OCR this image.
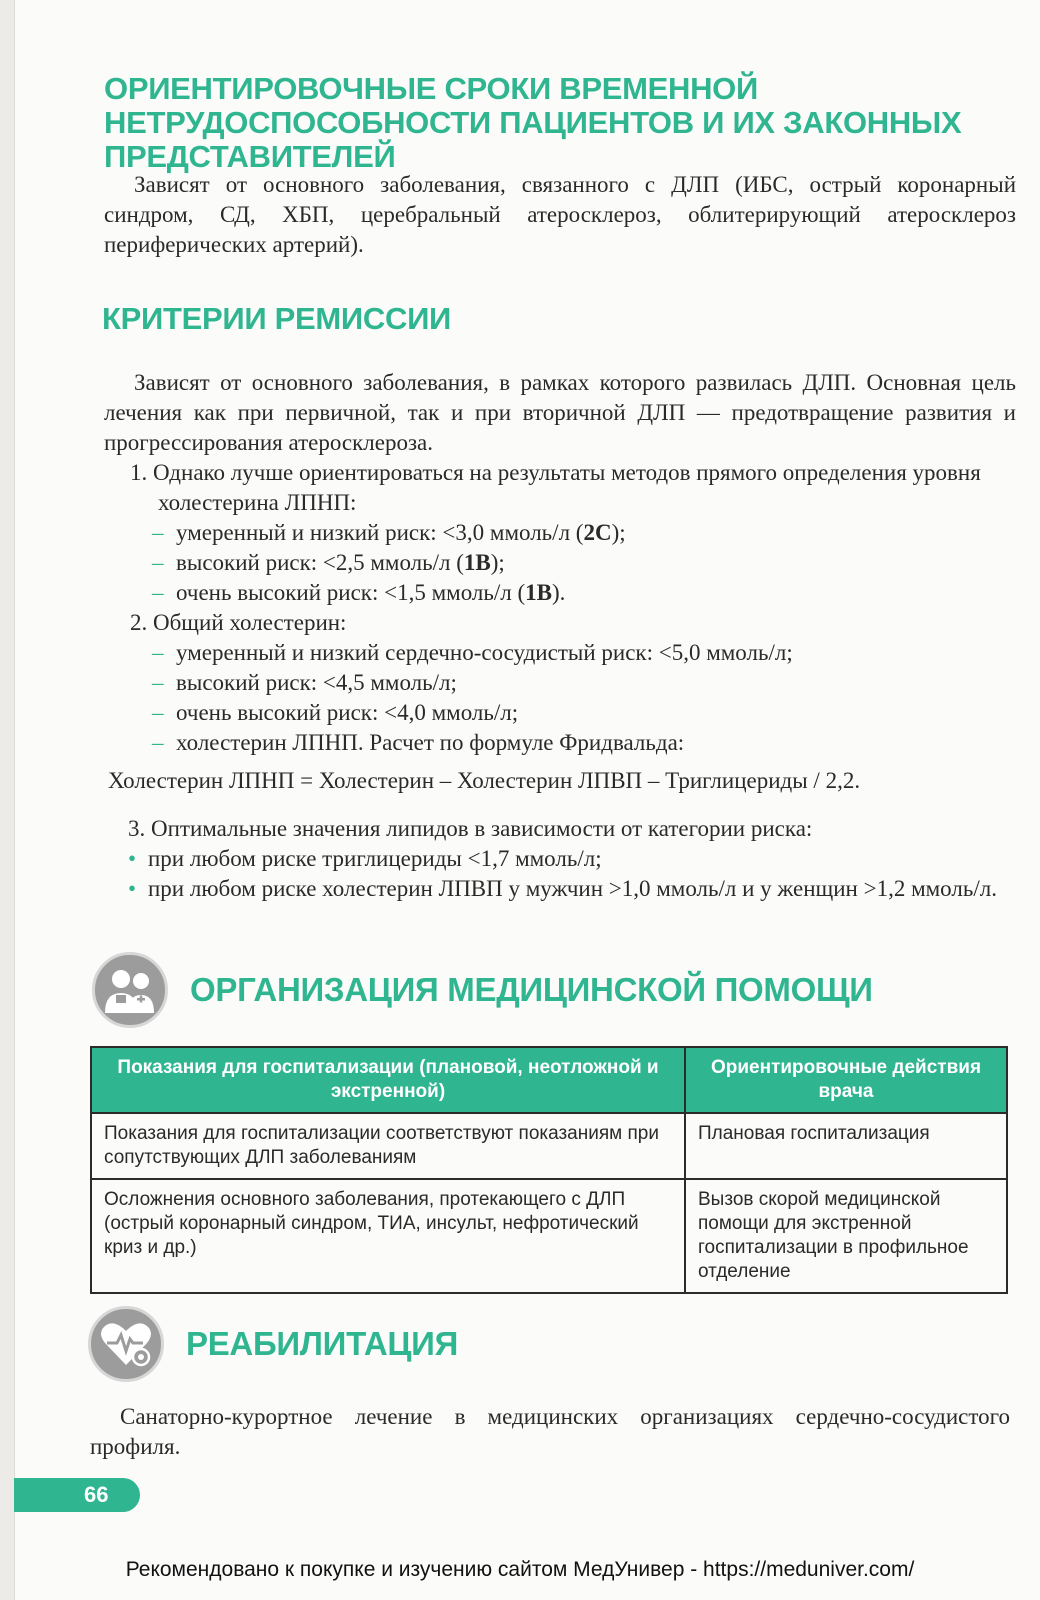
ОРИЕНТИРОВОЧНЫЕ СРОКИ ВРЕМЕННОЙ НЕТРУДОСПОСОБНОСТИ ПАЦИЕНТОВ И ИХ ЗАКОННЫХ ПРЕДСТАВИТЕЛЕЙ

Зависят от основного заболевания, связанного с ДЛП (ИБС, острый коронарный синдром, СД, ХБП, церебральный атеросклероз, облитерирующий атеросклероз периферических артерий).

КРИТЕРИИ РЕМИССИИ

Зависят от основного заболевания, в рамках которого развилась ДЛП. Основная цель лечения как при первичной, так и при вторичной ДЛП — предотвращение развития и прогрессирования атеросклероза.

1. Однако лучше ориентироваться на результаты методов прямого определения уровня холестерина ЛПНП:
– умеренный и низкий риск: <3,0 ммоль/л (2С);
– высокий риск: <2,5 ммоль/л (1В);
– очень высокий риск: <1,5 ммоль/л (1В).
2. Общий холестерин:
– умеренный и низкий сердечно-сосудистый риск: <5,0 ммоль/л;
– высокий риск: <4,5 ммоль/л;
– очень высокий риск: <4,0 ммоль/л;
– холестерин ЛПНП. Расчет по формуле Фридвальда:
Холестерин ЛПНП = Холестерин – Холестерин ЛПВП – Триглицериды / 2,2.
3. Оптимальные значения липидов в зависимости от категории риска:
• при любом риске триглицериды <1,7 ммоль/л;
• при любом риске холестерин ЛПВП у мужчин >1,0 ммоль/л и у женщин >1,2 ммоль/л.
ОРГАНИЗАЦИЯ МЕДИЦИНСКОЙ ПОМОЩИ
Показания для госпитализации (плановой, неотложной и экстренной)	Ориентировочные действия врача
Показания для госпитализации соответствуют показаниям при сопутствующих ДЛП заболеваниям	Плановая госпитализация
Осложнения основного заболевания, протекающего с ДЛП (острый коронарный синдром, ТИА, инсульт, нефротический криз и др.)	Вызов скорой медицинской помощи для экстренной госпитализации в профильное отделение
РЕАБИЛИТАЦИЯ

Санаторно-курортное лечение в медицинских организациях сердечно-сосудистого профиля.

66
Рекомендовано к покупке и изучению сайтом МедУнивер - https://meduniver.com/
